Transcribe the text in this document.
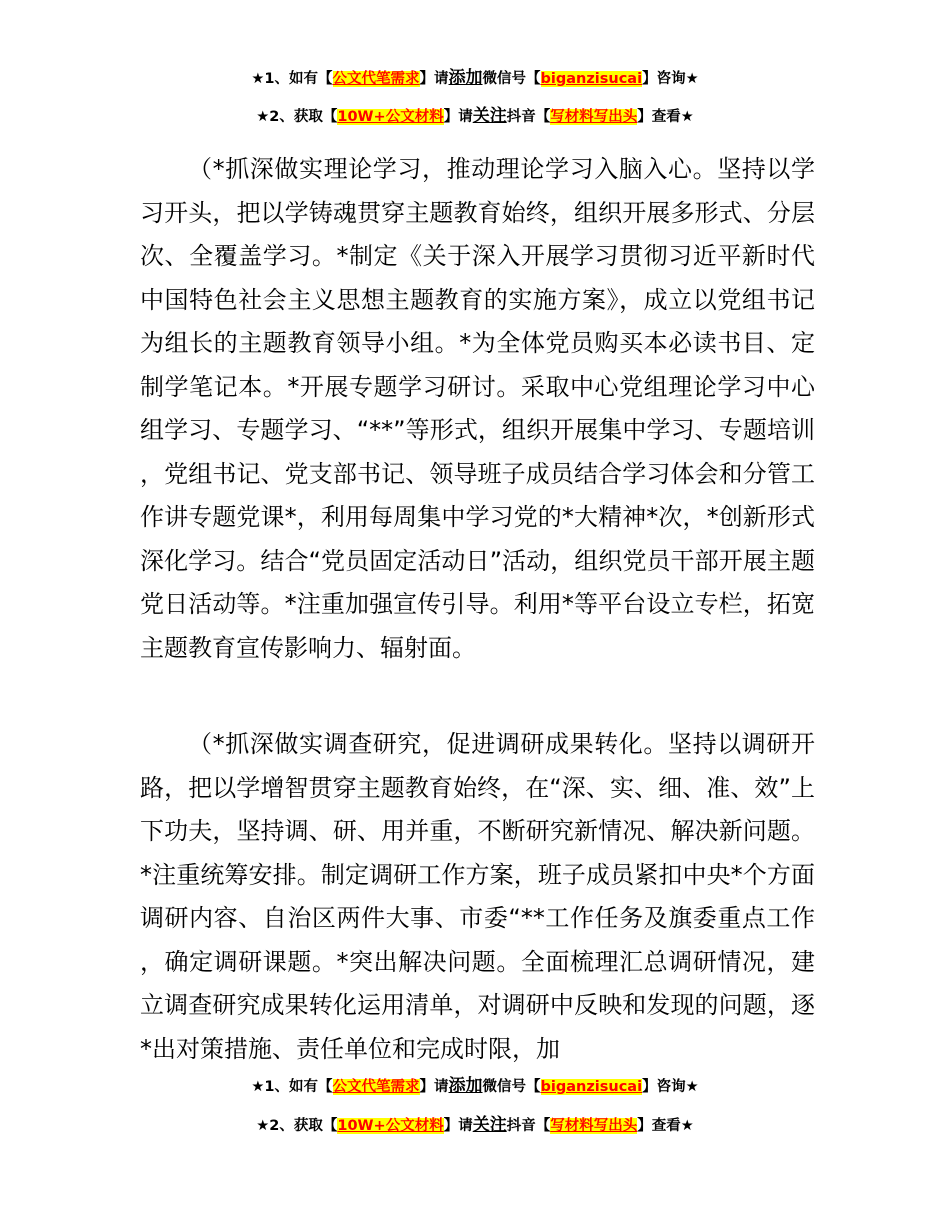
★1、如有【公文代笔需求】请添加微信号【biganzisucai】咨询★
★2、获取【10W+公文材料】请关注抖音【写材料写出头】查看★

（*抓深做实理论学习，推动理论学习入脑入心。坚持以学习开头，把以学铸魂贯穿主题教育始终，组织开展多形式、分层次、全覆盖学习。*制定《关于深入开展学习贯彻习近平新时代中国特色社会主义思想主题教育的实施方案》，成立以党组书记为组长的主题教育领导小组。*为全体党员购买本必读书目、定制学笔记本。*开展专题学习研讨。采取中心党组理论学习中心组学习、专题学习、“**”等形式，组织开展集中学习、专题培训，党组书记、党支部书记、领导班子成员结合学习体会和分管工作讲专题党课*，利用每周集中学习党的*大精神*次，*创新形式深化学习。结合“党员固定活动日”活动，组织党员干部开展主题党日活动等。*注重加强宣传引导。利用*等平台设立专栏，拓宽主题教育宣传影响力、辐射面。

（*抓深做实调查研究，促进调研成果转化。坚持以调研开路，把以学增智贯穿主题教育始终，在“深、实、细、准、效”上下功夫，坚持调、研、用并重，不断研究新情况、解决新问题。*注重统筹安排。制定调研工作方案，班子成员紧扣中央*个方面调研内容、自治区两件大事、市委“**工作任务及旗委重点工作，确定调研课题。*突出解决问题。全面梳理汇总调研情况，建立调查研究成果转化运用清单，对调研中反映和发现的问题，逐*出对策措施、责任单位和完成时限，加

★1、如有【公文代笔需求】请添加微信号【biganzisucai】咨询★
★2、获取【10W+公文材料】请关注抖音【写材料写出头】查看★
